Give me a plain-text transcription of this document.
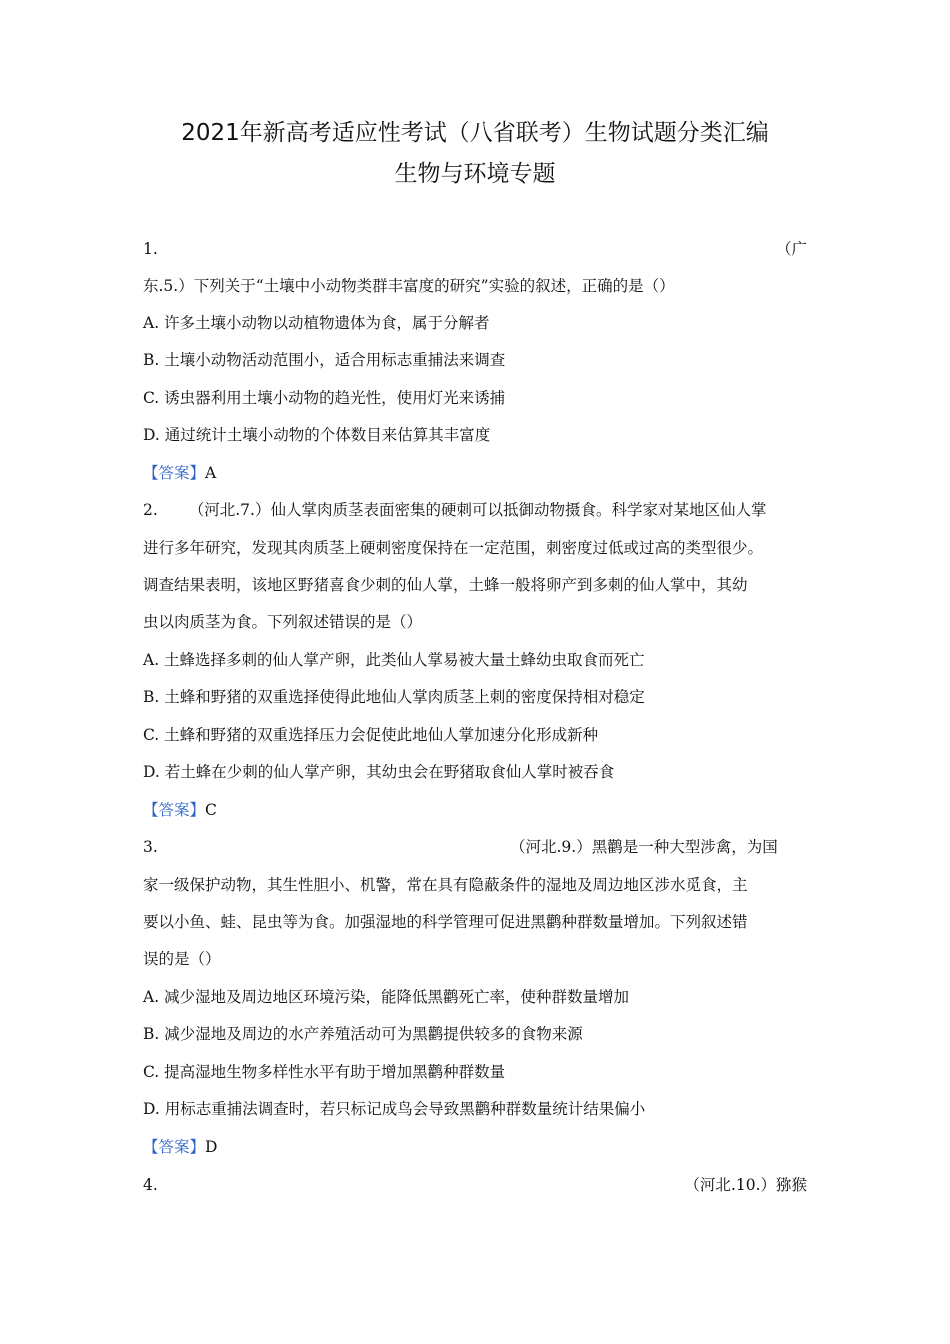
2021年新高考适应性考试（八省联考）生物试题分类汇编
生物与环境专题
1.	（广
东.5.）下列关于“土壤中小动物类群丰富度的研究”实验的叙述，正确的是（）
A. 许多土壤小动物以动植物遗体为食，属于分解者
B. 土壤小动物活动范围小，适合用标志重捕法来调查
C. 诱虫器利用土壤小动物的趋光性，使用灯光来诱捕
D. 通过统计土壤小动物的个体数目来估算其丰富度
【答案】A
2. （河北.7.）仙人掌肉质茎表面密集的硬刺可以抵御动物摄食。科学家对某地区仙人掌
进行多年研究，发现其肉质茎上硬刺密度保持在一定范围，刺密度过低或过高的类型很少。
调查结果表明，该地区野猪喜食少刺的仙人掌，土蜂一般将卵产到多刺的仙人掌中，其幼
虫以肉质茎为食。下列叙述错误的是（）
A. 土蜂选择多刺的仙人掌产卵，此类仙人掌易被大量土蜂幼虫取食而死亡
B. 土蜂和野猪的双重选择使得此地仙人掌肉质茎上刺的密度保持相对稳定
C. 土蜂和野猪的双重选择压力会促使此地仙人掌加速分化形成新种
D. 若土蜂在少刺的仙人掌产卵，其幼虫会在野猪取食仙人掌时被吞食
【答案】C
3.	（河北.9.）黑鹳是一种大型涉禽，为国
家一级保护动物，其生性胆小、机警，常在具有隐蔽条件的湿地及周边地区涉水觅食，主
要以小鱼、蛙、昆虫等为食。加强湿地的科学管理可促进黑鹳种群数量增加。下列叙述错
误的是（）
A. 减少湿地及周边地区环境污染，能降低黑鹳死亡率，使种群数量增加
B. 减少湿地及周边的水产养殖活动可为黑鹳提供较多的食物来源
C. 提高湿地生物多样性水平有助于增加黑鹳种群数量
D. 用标志重捕法调查时，若只标记成鸟会导致黑鹳种群数量统计结果偏小
【答案】D
4.	（河北.10.）猕猴
